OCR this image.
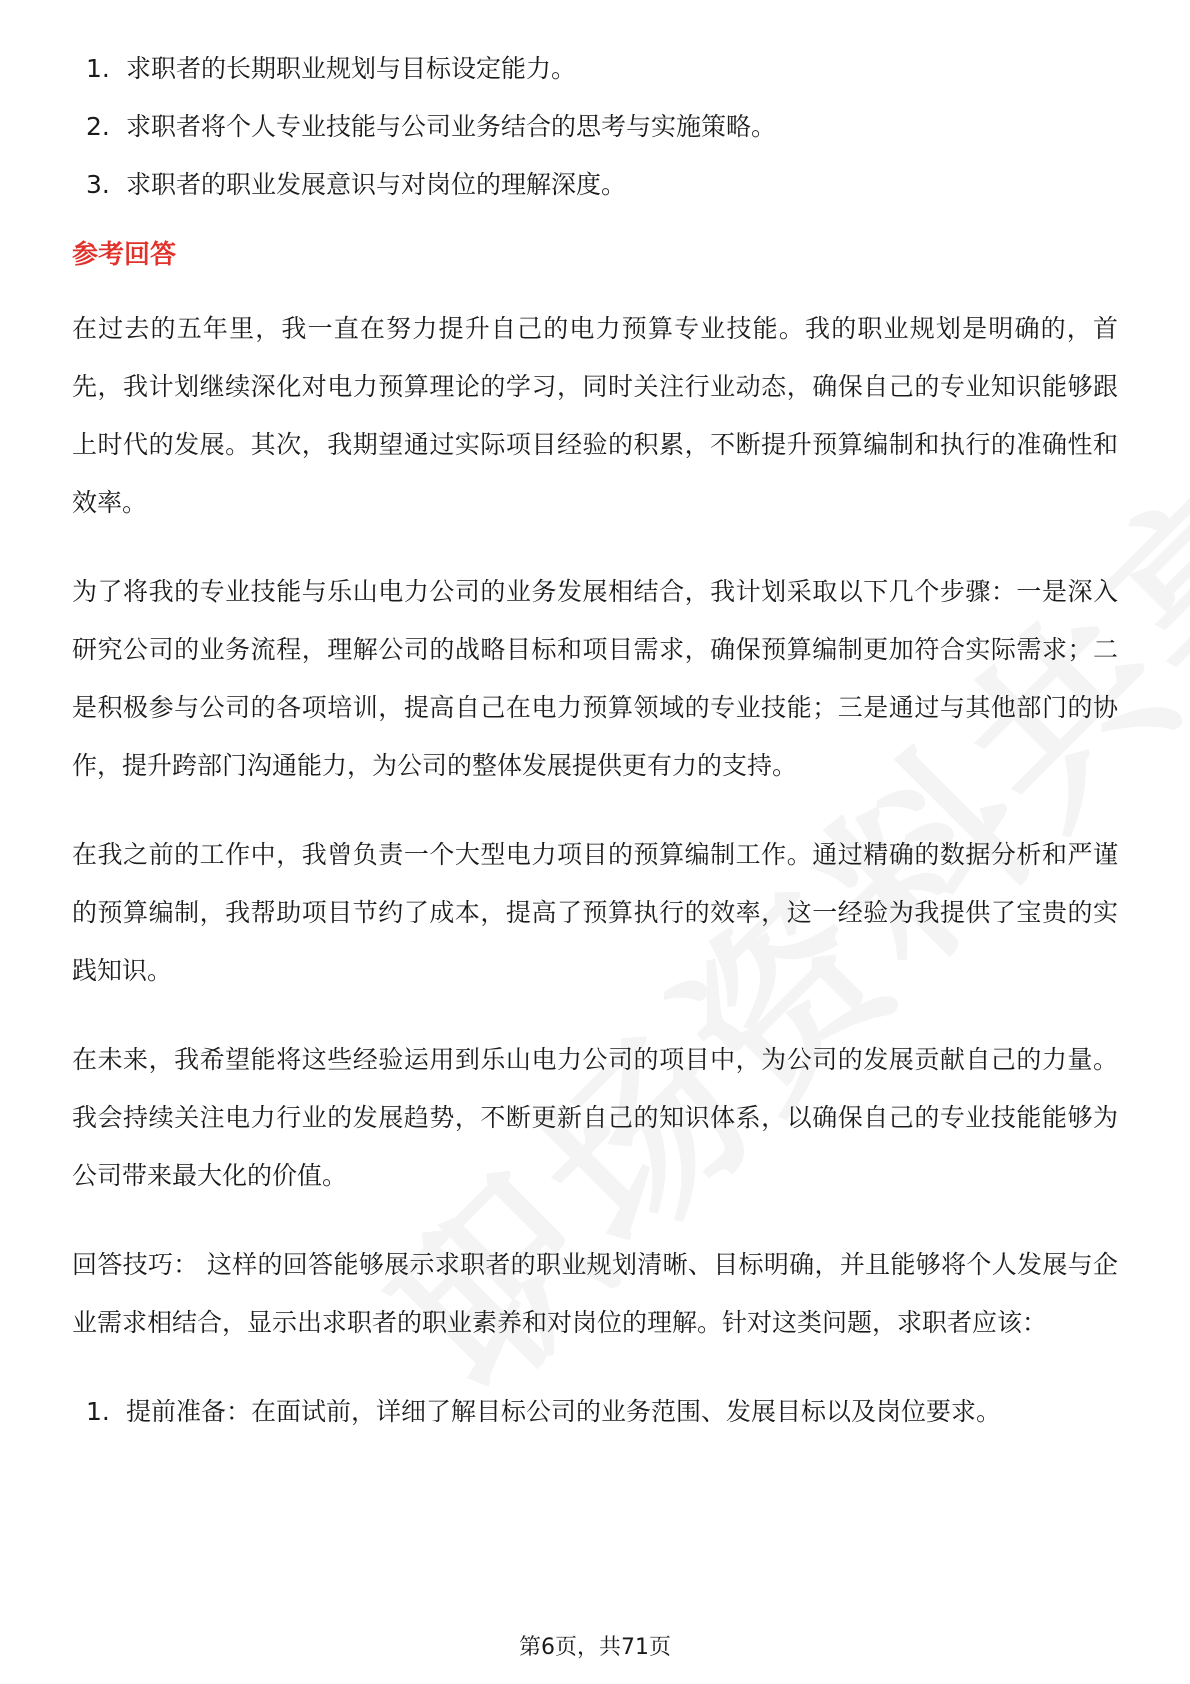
1. 求职者的长期职业规划与目标设定能力。
2. 求职者将个人专业技能与公司业务结合的思考与实施策略。
3. 求职者的职业发展意识与对岗位的理解深度。
参考回答

在过去的五年里，我一直在努力提升自己的电力预算专业技能。我的职业规划是明确的，首先，我计划继续深化对电力预算理论的学习，同时关注行业动态，确保自己的专业知识能够跟上时代的发展。其次，我期望通过实际项目经验的积累，不断提升预算编制和执行的准确性和效率。

为了将我的专业技能与乐山电力公司的业务发展相结合，我计划采取以下几个步骤：一是深入研究公司的业务流程，理解公司的战略目标和项目需求，确保预算编制更加符合实际需求；二是积极参与公司的各项培训，提高自己在电力预算领域的专业技能；三是通过与其他部门的协作，提升跨部门沟通能力，为公司的整体发展提供更有力的支持。

在我之前的工作中，我曾负责一个大型电力项目的预算编制工作。通过精确的数据分析和严谨的预算编制，我帮助项目节约了成本，提高了预算执行的效率，这一经验为我提供了宝贵的实践知识。

在未来，我希望能将这些经验运用到乐山电力公司的项目中，为公司的发展贡献自己的力量。我会持续关注电力行业的发展趋势，不断更新自己的知识体系，以确保自己的专业技能能够为公司带来最大化的价值。

回答技巧： 这样的回答能够展示求职者的职业规划清晰、目标明确，并且能够将个人发展与企业需求相结合，显示出求职者的职业素养和对岗位的理解。针对这类问题，求职者应该：

1. 提前准备：在面试前，详细了解目标公司的业务范围、发展目标以及岗位要求。
第6页，共71页
